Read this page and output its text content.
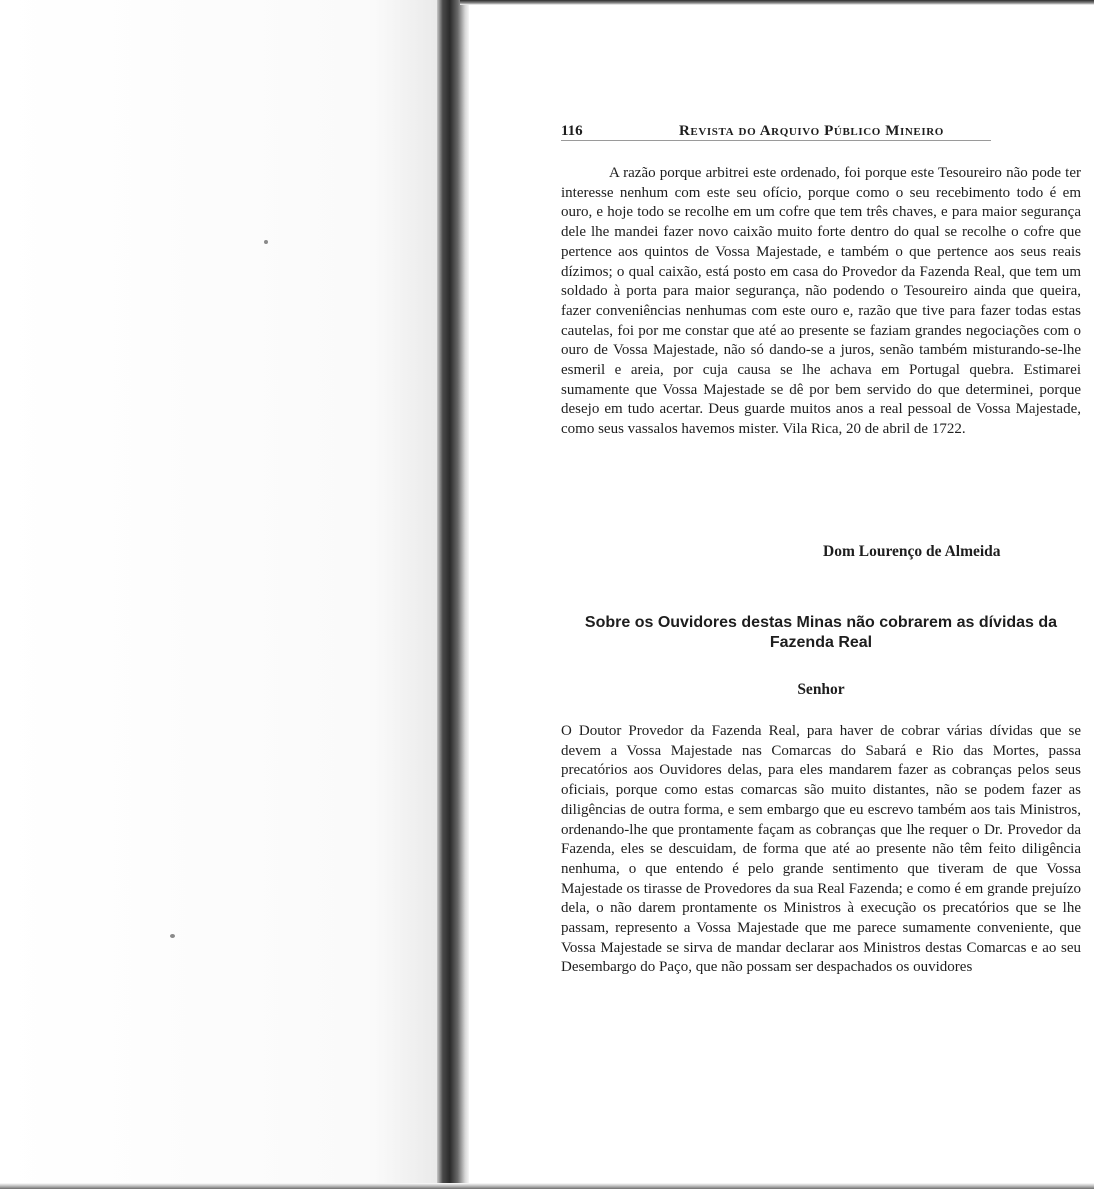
116	Revista do Arquivo Público Mineiro

A razão porque arbitrei este ordenado, foi porque este Tesoureiro não pode ter interesse nenhum com este seu ofício, porque como o seu recebimento todo é em ouro, e hoje todo se recolhe em um cofre que tem três chaves, e para maior segurança dele lhe mandei fazer novo caixão muito forte dentro do qual se recolhe o cofre que pertence aos quintos de Vossa Majestade, e também o que pertence aos seus reais dízimos; o qual caixão, está posto em casa do Provedor da Fazenda Real, que tem um soldado à porta para maior segurança, não podendo o Tesoureiro ainda que queira, fazer conveniências nenhumas com este ouro e, razão que tive para fazer todas estas cautelas, foi por me constar que até ao presente se faziam grandes negociações com o ouro de Vossa Majestade, não só dando-se a juros, senão também misturando-se-lhe esmeril e areia, por cuja causa se lhe achava em Portugal quebra. Estimarei sumamente que Vossa Majestade se dê por bem servido do que determinei, porque desejo em tudo acertar. Deus guarde muitos anos a real pessoal de Vossa Majestade, como seus vassalos havemos mister. Vila Rica, 20 de abril de 1722.

Dom Lourenço de Almeida
Sobre os Ouvidores destas Minas não cobrarem as dívidas da Fazenda Real
Senhor

O Doutor Provedor da Fazenda Real, para haver de cobrar várias dívidas que se devem a Vossa Majestade nas Comarcas do Sabará e Rio das Mortes, passa precatórios aos Ouvidores delas, para eles mandarem fazer as cobranças pelos seus oficiais, porque como estas comarcas são muito distantes, não se podem fazer as diligências de outra forma, e sem embargo que eu escrevo também aos tais Ministros, ordenando-lhe que prontamente façam as cobranças que lhe requer o Dr. Provedor da Fazenda, eles se descuidam, de forma que até ao presente não têm feito diligência nenhuma, o que entendo é pelo grande sentimento que tiveram de que Vossa Majestade os tirasse de Provedores da sua Real Fazenda; e como é em grande prejuízo dela, o não darem prontamente os Ministros à execução os precatórios que se lhe passam, represento a Vossa Majestade que me parece sumamente conveniente, que Vossa Majestade se sirva de mandar declarar aos Ministros destas Comarcas e ao seu Desembargo do Paço, que não possam ser despachados os ouvidores
